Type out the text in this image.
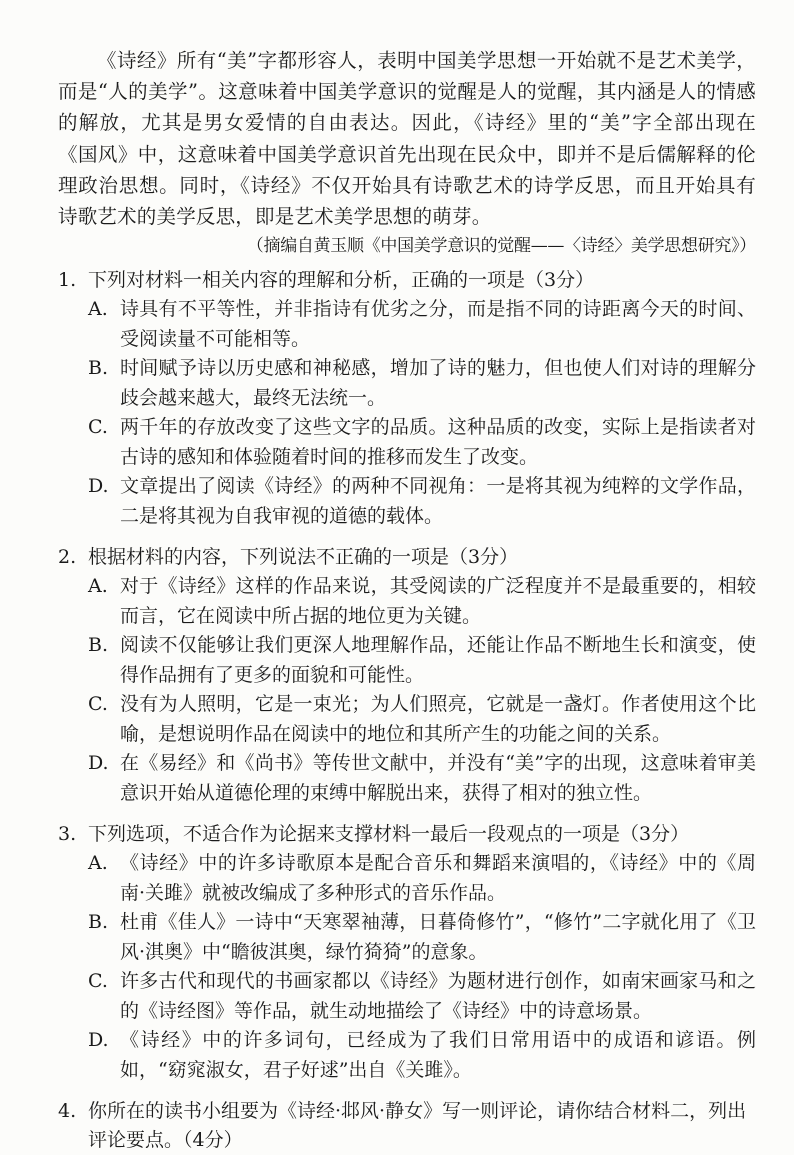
《诗经》所有“美”字都形容人，表明中国美学思想一开始就不是艺术美学，而是“人的美学”。这意味着中国美学意识的觉醒是人的觉醒，其内涵是人的情感的解放，尤其是男女爱情的自由表达。因此，《诗经》里的“美”字全部出现在《国风》中，这意味着中国美学意识首先出现在民众中，即并不是后儒解释的伦理政治思想。同时，《诗经》不仅开始具有诗歌艺术的诗学反思，而且开始具有诗歌艺术的美学反思，即是艺术美学思想的萌芽。

（摘编自黄玉顺《中国美学意识的觉醒——〈诗经〉美学思想研究》）
1. 下列对材料一相关内容的理解和分析，正确的一项是（3分）
A. 诗具有不平等性，并非指诗有优劣之分，而是指不同的诗距离今天的时间、受阅读量不可能相等。
B. 时间赋予诗以历史感和神秘感，增加了诗的魅力，但也使人们对诗的理解分歧会越来越大，最终无法统一。
C. 两千年的存放改变了这些文字的品质。这种品质的改变，实际上是指读者对古诗的感知和体验随着时间的推移而发生了改变。
D. 文章提出了阅读《诗经》的两种不同视角：一是将其视为纯粹的文学作品，二是将其视为自我审视的道德的载体。
2. 根据材料的内容，下列说法不正确的一项是（3分）
A. 对于《诗经》这样的作品来说，其受阅读的广泛程度并不是最重要的，相较而言，它在阅读中所占据的地位更为关键。
B. 阅读不仅能够让我们更深人地理解作品，还能让作品不断地生长和演变，使得作品拥有了更多的面貌和可能性。
C. 没有为人照明，它是一束光；为人们照亮，它就是一盏灯。作者使用这个比喻，是想说明作品在阅读中的地位和其所产生的功能之间的关系。
D. 在《易经》和《尚书》等传世文献中，并没有“美”字的出现，这意味着审美意识开始从道德伦理的束缚中解脱出来，获得了相对的独立性。
3. 下列选项，不适合作为论据来支撑材料一最后一段观点的一项是（3分）
A. 《诗经》中的许多诗歌原本是配合音乐和舞蹈来演唱的，《诗经》中的《周南·关雎》就被改编成了多种形式的音乐作品。
B. 杜甫《佳人》一诗中“天寒翠袖薄，日暮倚修竹”，“修竹”二字就化用了《卫风·淇奥》中“瞻彼淇奥，绿竹猗猗”的意象。
C. 许多古代和现代的书画家都以《诗经》为题材进行创作，如南宋画家马和之的《诗经图》等作品，就生动地描绘了《诗经》中的诗意场景。
D. 《诗经》中的许多词句，已经成为了我们日常用语中的成语和谚语。例如，“窈窕淑女，君子好逑”出自《关雎》。
4. 你所在的读书小组要为《诗经·邶风·静女》写一则评论，请你结合材料二，列出评论要点。（4分）
